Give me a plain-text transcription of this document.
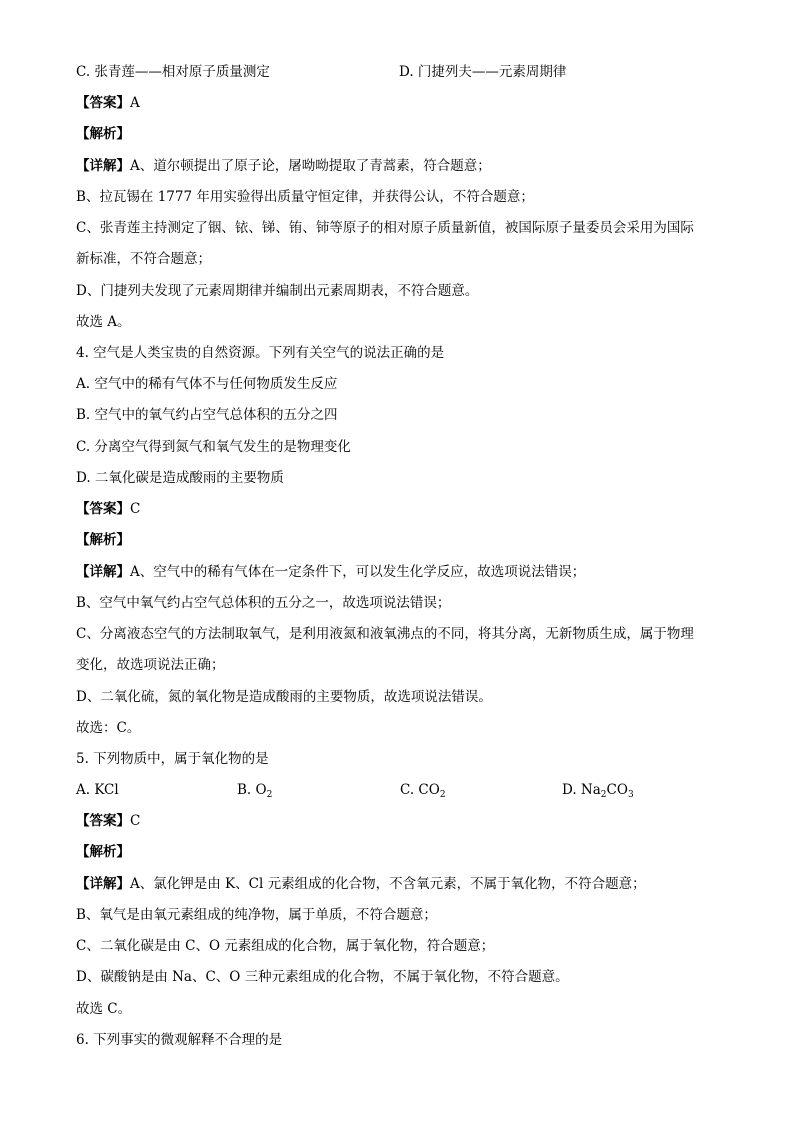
C. 张青莲——相对原子质量测定	D. 门捷列夫——元素周期律
【答案】A
【解析】
【详解】A、道尔顿提出了原子论，屠呦呦提取了青蒿素，符合题意；
B、拉瓦锡在 1777 年用实验得出质量守恒定律，并获得公认，不符合题意；
C、张青莲主持测定了铟、铱、锑、铕、铈等原子的相对原子质量新值，被国际原子量委员会采用为国际
新标准，不符合题意；
D、门捷列夫发现了元素周期律并编制出元素周期表，不符合题意。
故选 A。
4. 空气是人类宝贵的自然资源。下列有关空气的说法正确的是
A. 空气中的稀有气体不与任何物质发生反应
B. 空气中的氧气约占空气总体积的五分之四
C. 分离空气得到氮气和氧气发生的是物理变化
D. 二氧化碳是造成酸雨的主要物质
【答案】C
【解析】
【详解】A、空气中的稀有气体在一定条件下，可以发生化学反应，故选项说法错误；
B、空气中氧气约占空气总体积的五分之一，故选项说法错误；
C、分离液态空气的方法制取氧气，是利用液氮和液氧沸点的不同，将其分离，无新物质生成，属于物理
变化，故选项说法正确；
D、二氧化硫，氮的氧化物是造成酸雨的主要物质，故选项说法错误。
故选：C。
5. 下列物质中，属于氧化物的是
A. KCl	B. $O_2$	C. $CO_2$	D. $Na_2CO_3$
【答案】C
【解析】
【详解】A、氯化钾是由 K、Cl 元素组成的化合物，不含氧元素，不属于氧化物，不符合题意；
B、氧气是由氧元素组成的纯净物，属于单质，不符合题意；
C、二氧化碳是由 C、O 元素组成的化合物，属于氧化物，符合题意；
D、碳酸钠是由 Na、C、O 三种元素组成的化合物，不属于氧化物，不符合题意。
故选 C。
6. 下列事实的微观解释不合理的是
